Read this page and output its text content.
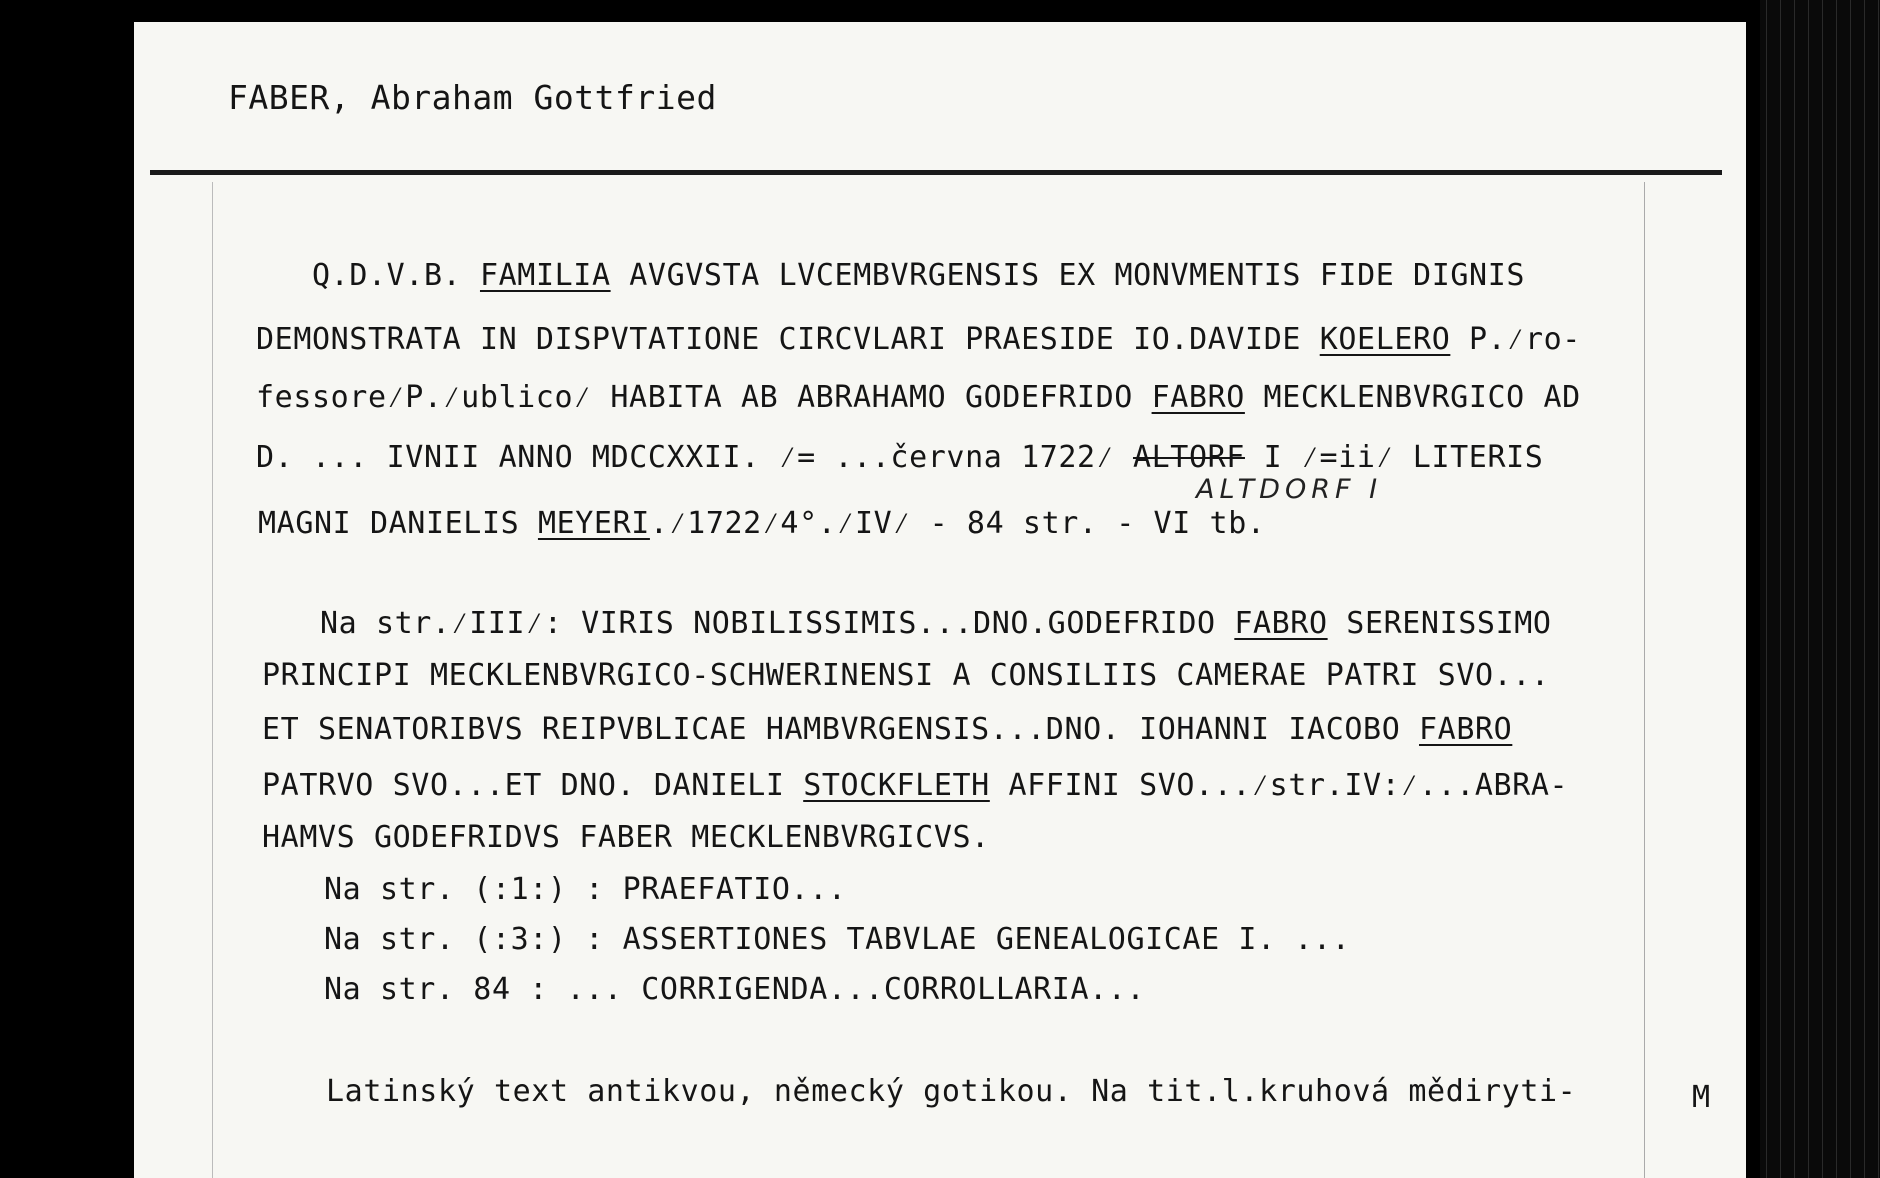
FABER, Abraham Gottfried
Q.D.V.B. FAMILIA AVGVSTA LVCEMBVRGENSIS EX MONVMENTIS FIDE DIGNIS
DEMONSTRATA IN DISPVTATIONE CIRCVLARI PRAESIDE IO.DAVIDE KOELERO P.⁄ro-
fessore⁄P.⁄ublico⁄ HABITA AB ABRAHAMO GODEFRIDO FABRO MECKLENBVRGICO AD
D. ... IVNII ANNO MDCCXXII. ⁄= ...června 1722⁄ ALTORF I ⁄=ii⁄ LITERIS
ALTDORF I
MAGNI DANIELIS MEYERI.⁄1722⁄4°.⁄IV⁄ - 84 str. - VI tb.
Na str.⁄III⁄: VIRIS NOBILISSIMIS...DNO.GODEFRIDO FABRO SERENISSIMO
PRINCIPI MECKLENBVRGICO-SCHWERINENSI A CONSILIIS CAMERAE PATRI SVO...
ET SENATORIBVS REIPVBLICAE HAMBVRGENSIS...DNO. IOHANNI IACOBO FABRO
PATRVO SVO...ET DNO. DANIELI STOCKFLETH AFFINI SVO...⁄str.IV:⁄...ABRA-
HAMVS GODEFRIDVS FABER MECKLENBVRGICVS.
Na str. (:1:) : PRAEFATIO...
Na str. (:3:) : ASSERTIONES TABVLAE GENEALOGICAE I. ...
Na str. 84 : ... CORRIGENDA...CORROLLARIA...
Latinský text antikvou, německý gotikou. Na tit.l.kruhová mědiryti-	M
